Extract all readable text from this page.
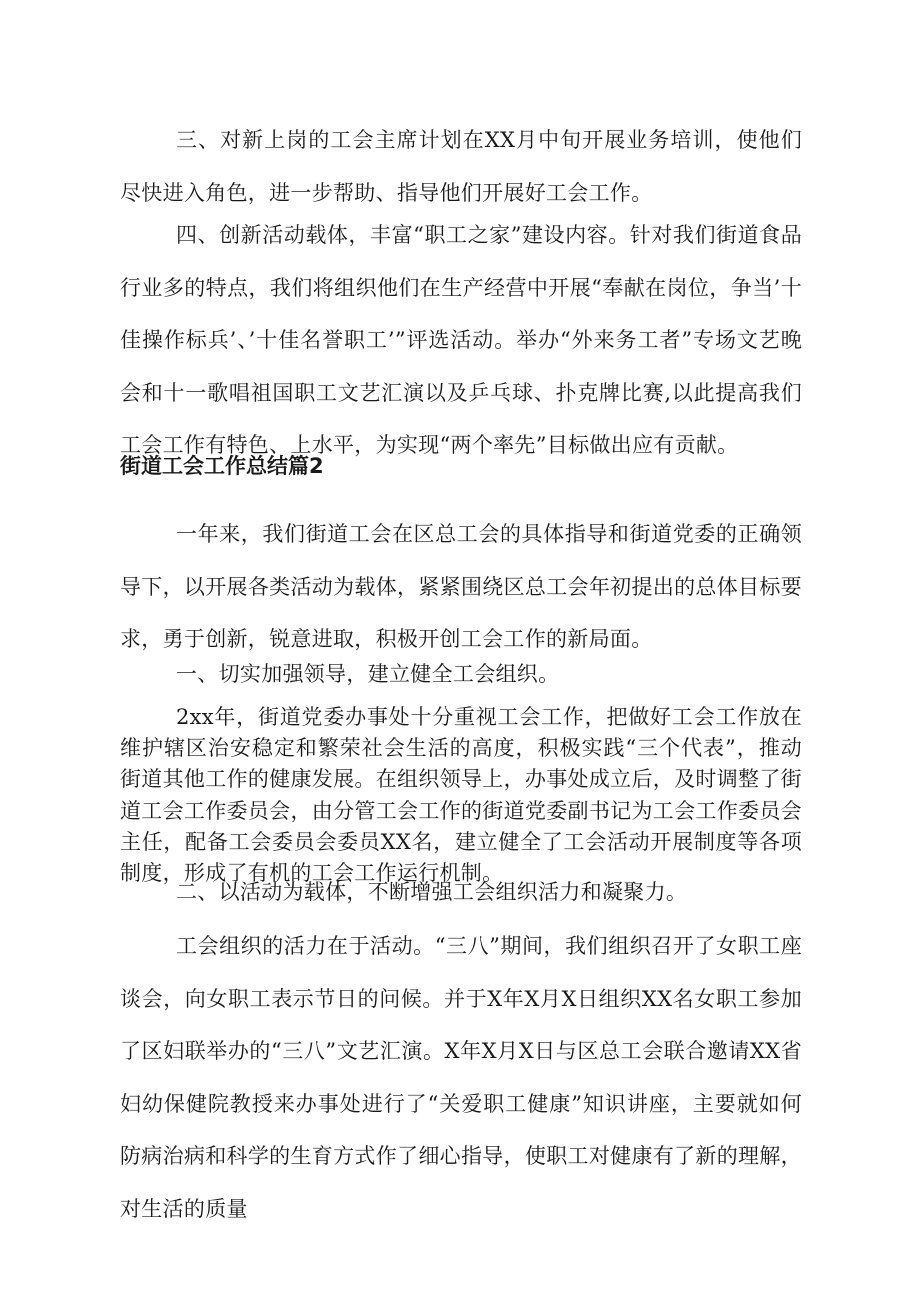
三、对新上岗的工会主席计划在XX月中旬开展业务培训，使他们尽快进入角色，进一步帮助、指导他们开展好工会工作。

四、创新活动载体，丰富“职工之家”建设内容。针对我们街道食品行业多的特点，我们将组织他们在生产经营中开展“奉献在岗位，争当’十佳操作标兵’、’十佳名誉职工’”评选活动。举办“外来务工者”专场文艺晚会和十一歌唱祖国职工文艺汇演以及乒乓球、扑克牌比赛,以此提高我们工会工作有特色、上水平，为实现“两个率先”目标做出应有贡献。

街道工会工作总结篇2

一年来，我们街道工会在区总工会的具体指导和街道党委的正确领导下，以开展各类活动为载体，紧紧围绕区总工会年初提出的总体目标要求，勇于创新，锐意进取，积极开创工会工作的新局面。

一、切实加强领导，建立健全工会组织。

2xx年，街道党委办事处十分重视工会工作，把做好工会工作放在维护辖区治安稳定和繁荣社会生活的高度，积极实践“三个代表”，推动街道其他工作的健康发展。在组织领导上，办事处成立后，及时调整了街道工会工作委员会，由分管工会工作的街道党委副书记为工会工作委员会主任，配备工会委员会委员XX名，建立健全了工会活动开展制度等各项制度，形成了有机的工会工作运行机制。

二、以活动为载体，不断增强工会组织活力和凝聚力。

工会组织的活力在于活动。“三八”期间，我们组织召开了女职工座谈会，向女职工表示节日的问候。并于X年X月X日组织XX名女职工参加了区妇联举办的“三八”文艺汇演。X年X月X日与区总工会联合邀请XX省妇幼保健院教授来办事处进行了“关爱职工健康”知识讲座，主要就如何防病治病和科学的生育方式作了细心指导，使职工对健康有了新的理解，对生活的质量
